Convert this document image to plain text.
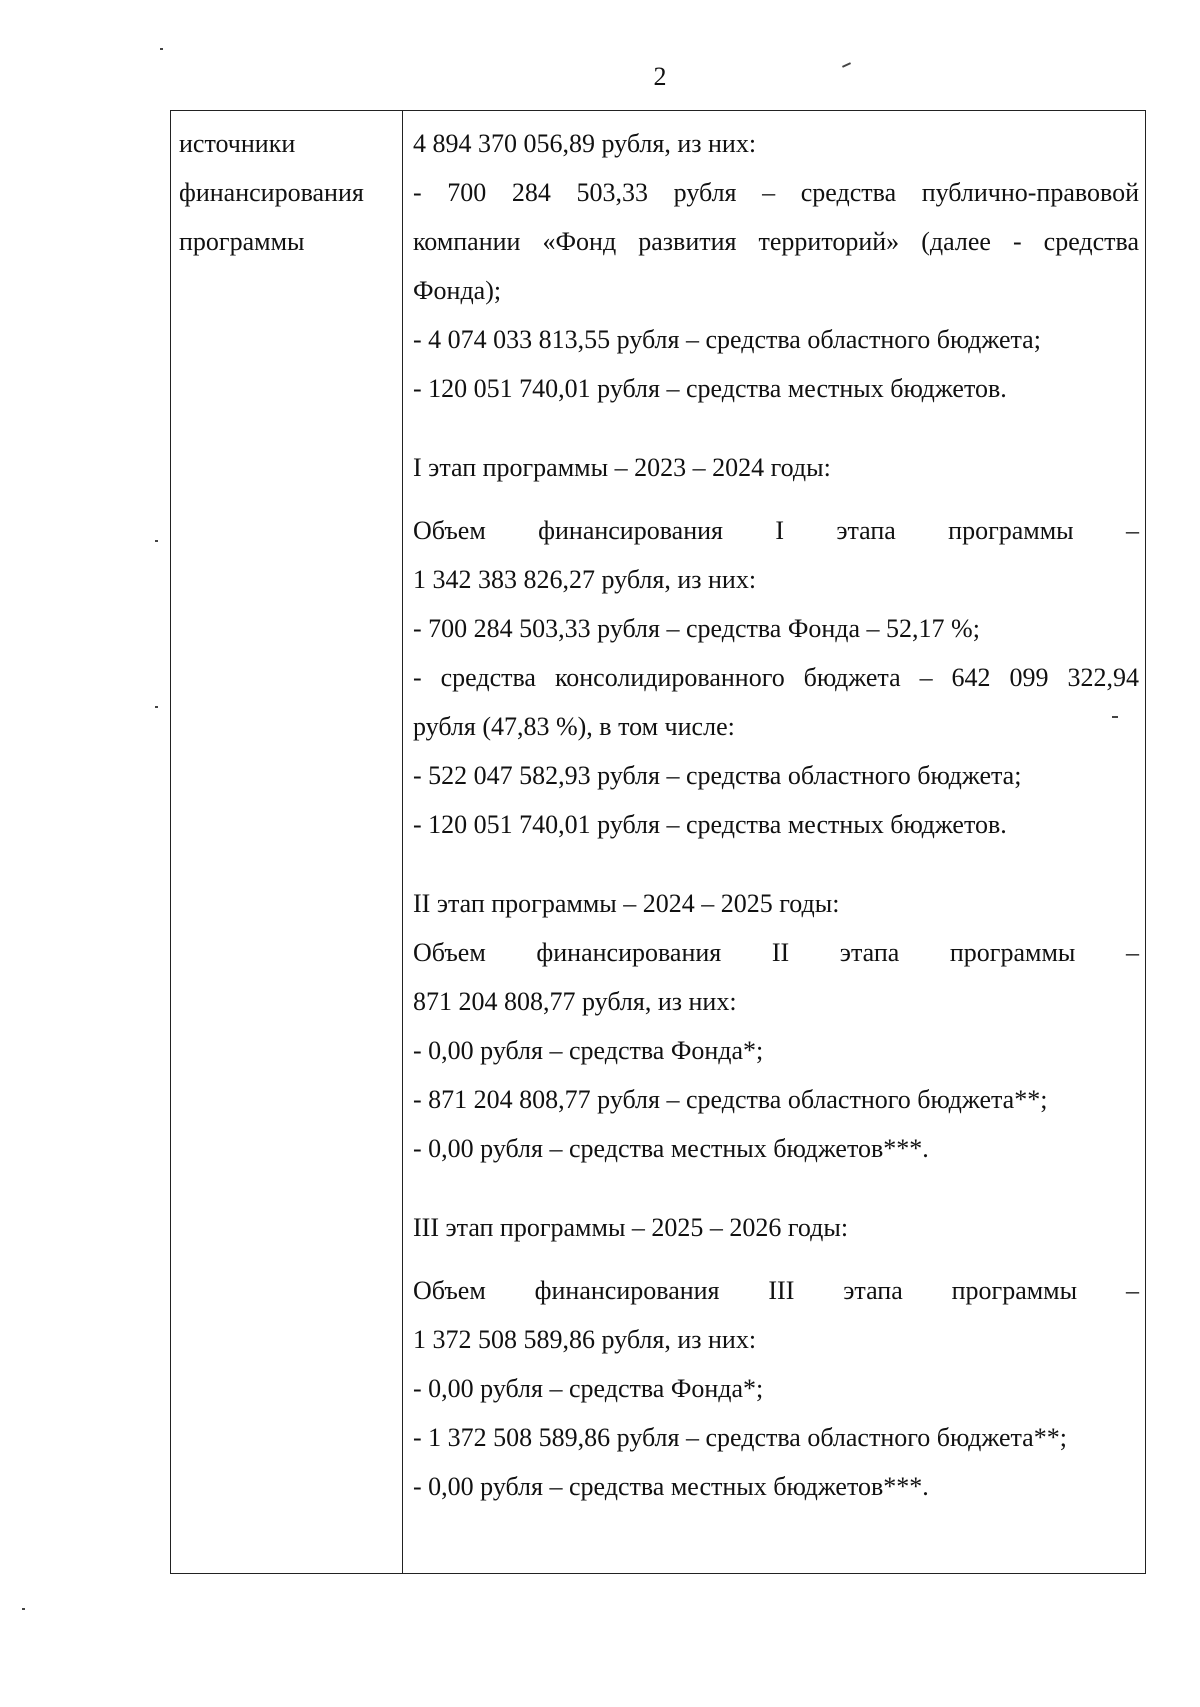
2
источники
финансирования
программы
4 894 370 056,89 рубля, из них:
- 700 284 503,33 рубля – средства публично-правовой
компании «Фонд развития территорий» (далее - средства
Фонда);
- 4 074 033 813,55 рубля – средства областного бюджета;
- 120 051 740,01 рубля – средства местных бюджетов.
I этап программы – 2023 – 2024 годы:
Объем финансирования I этапа программы –
1 342 383 826,27 рубля, из них:
- 700 284 503,33 рубля – средства Фонда – 52,17 %;
- средства консолидированного бюджета – 642 099 322,94
рубля (47,83 %), в том числе:
- 522 047 582,93 рубля – средства областного бюджета;
- 120 051 740,01 рубля – средства местных бюджетов.
II этап программы – 2024 – 2025 годы:
Объем финансирования II этапа программы –
871 204 808,77 рубля, из них:
- 0,00 рубля – средства Фонда*;
- 871 204 808,77 рубля – средства областного бюджета**;
- 0,00 рубля – средства местных бюджетов***.
III этап программы – 2025 – 2026 годы:
Объем финансирования III этапа программы –
1 372 508 589,86 рубля, из них:
- 0,00 рубля – средства Фонда*;
- 1 372 508 589,86 рубля – средства областного бюджета**;
- 0,00 рубля – средства местных бюджетов***.
